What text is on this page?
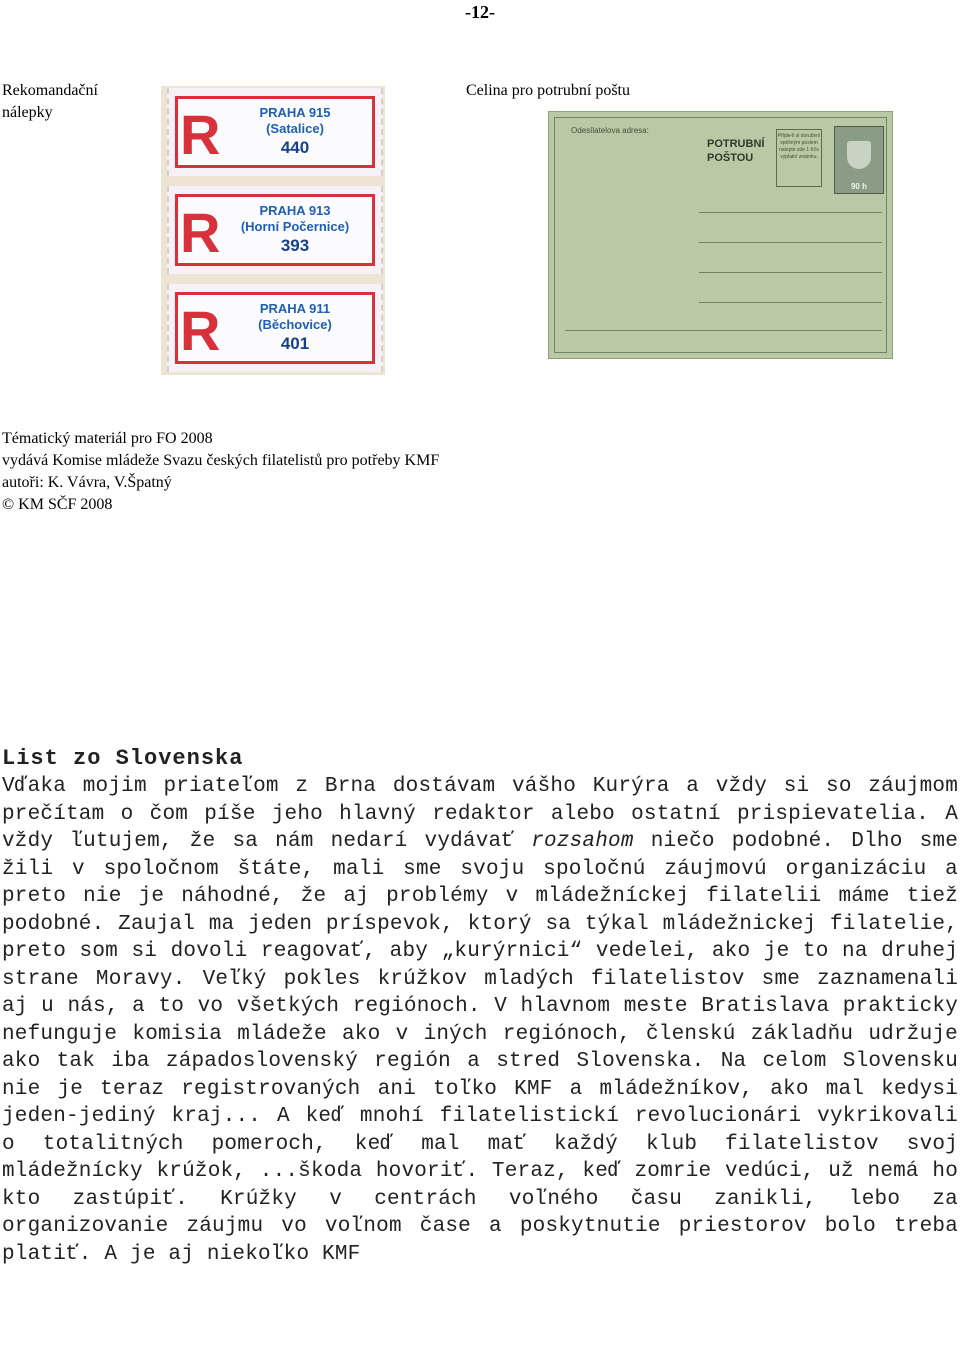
-12-
Rekomandační nálepky
Celina pro potrubní poštu
R	PRAHA 915
(Satalice)
440
R	PRAHA 913
(Horní Počernice)
393
R	PRAHA 911
(Běchovice)
401
Odesílatelova adresa:
POTRUBNÍ
POŠTOU
Přijde-li si doručení spěšným poslem nalepte zde 1 Kčs výplatní známku.
90 h
Tématický materiál pro FO 2008
vydává Komise mládeže Svazu českých filatelistů pro potřeby KMF
autoři: K. Vávra, V.Špatný
© KM SČF 2008
List zo Slovenska

Vďaka mojim priateľom z Brna dostávam vášho Kurýra a vždy si so záujmom prečítam o čom píše jeho hlavný redaktor alebo ostatní prispievatelia. A vždy ľutujem, že sa nám nedarí vydávať rozsahom niečo podobné. Dlho sme žili v spoločnom štáte, mali sme svoju spoločnú záujmovú organizáciu a preto nie je náhodné, že aj problémy v mládežníckej filatelii máme tiež podobné. Zaujal ma jeden príspevok, ktorý sa týkal mládežnickej filatelie, preto som si dovoli reagovať, aby „kurýrnici“ vedelei, ako je to na druhej strane Moravy. Veľký pokles krúžkov mladých filatelistov sme zaznamenali aj u nás, a to vo všetkých regiónoch. V hlavnom meste Bratislava prakticky nefunguje komisia mládeže ako v iných regiónoch, členskú základňu udržuje ako tak iba západoslovenský región a stred Slovenska. Na celom Slovensku nie je teraz registrovaných ani toľko KMF a mládežníkov, ako mal kedysi jeden-jediný kraj... A keď mnohí filatelistickí revolucionári vykrikovali o totalitných pomeroch, keď mal mať každý klub filatelistov svoj mládežnícky krúžok, ...škoda hovoriť. Teraz, keď zomrie vedúci, už nemá ho kto zastúpiť. Krúžky v centrách voľného času zanikli, lebo za organizovanie záujmu vo voľnom čase a poskytnutie priestorov bolo treba platiť. A je aj niekoľko KMF
